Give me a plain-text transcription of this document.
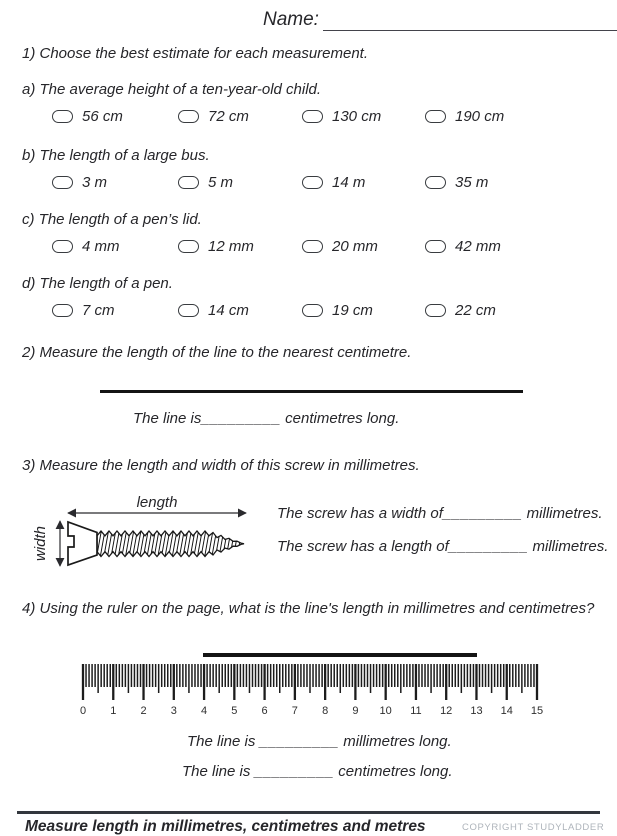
Name:
1) Choose the best estimate for each measurement.
a) The average height of a ten-year-old child.
56 cm	72 cm	130 cm	190 cm
b) The length of a large bus.
3 m	5 m	14 m	35 m
c) The length of a pen’s lid.
4 mm	12 mm	20 mm	42 mm
d) The length of a pen.
7 cm	14 cm	19 cm	22 cm
2) Measure the length of the line to the nearest centimetre.
The line is_________ centimetres long.
3) Measure the length and width of this screw in millimetres.
length
width
The screw has a width of_________ millimetres.
The screw has a length of_________ millimetres.
4) Using the ruler on the page, what is the line's length in millimetres and centimetres?
0 1 2 3 4 5 6 7 8 9 10 11 12 13 14 15
The line is _________ millimetres long.
The line is _________ centimetres long.
Measure length in millimetres, centimetres and metres	COPYRIGHT STUDYLADDER
